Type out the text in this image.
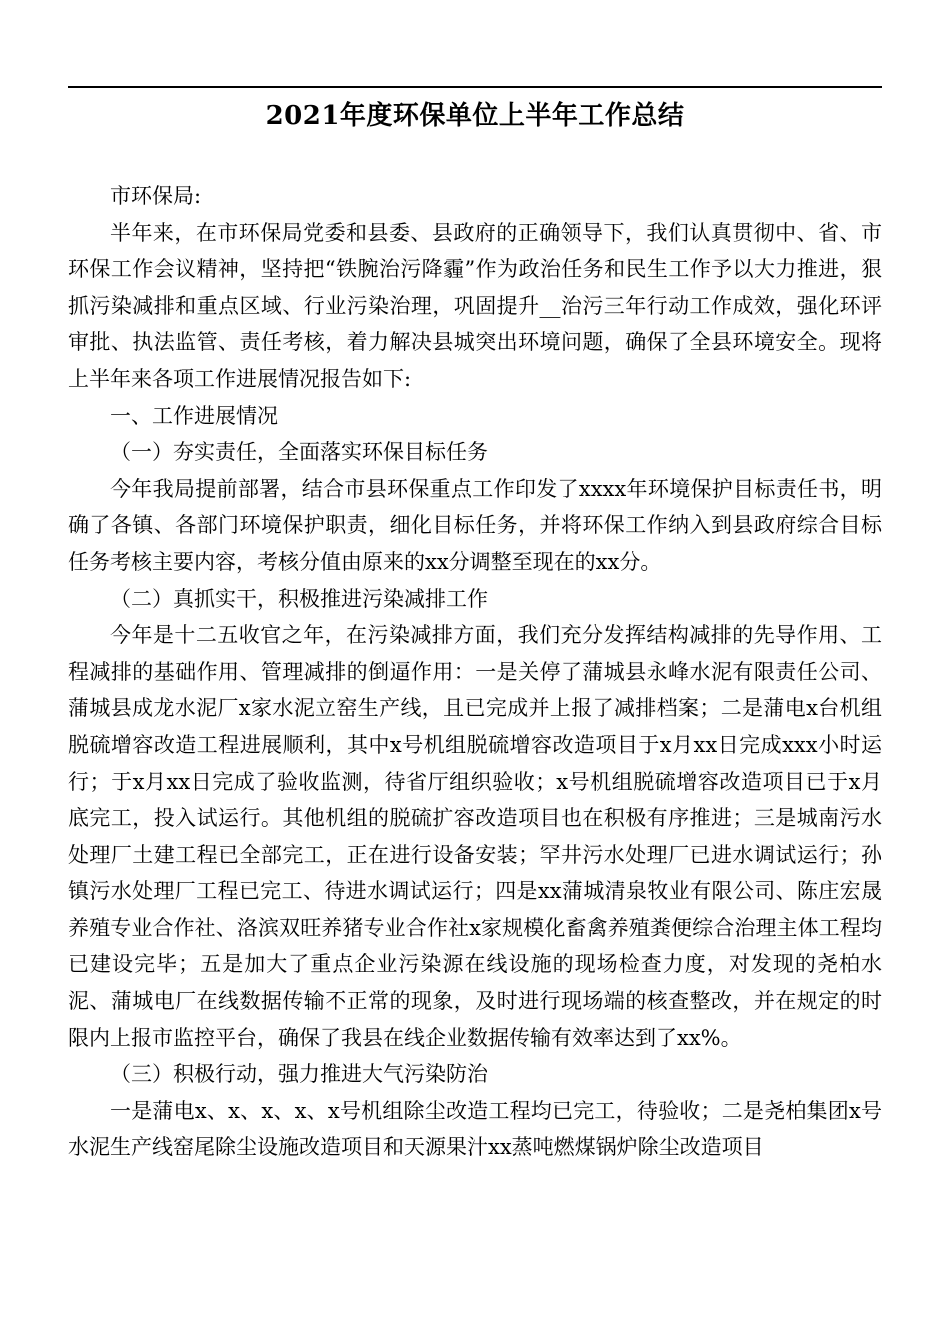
2021年度环保单位上半年工作总结

市环保局:

半年来，在市环保局党委和县委、县政府的正确领导下，我们认真贯彻中、省、市环保工作会议精神，坚持把“铁腕治污降霾”作为政治任务和民生工作予以大力推进，狠抓污染减排和重点区域、行业污染治理，巩固提升__治污三年行动工作成效，强化环评审批、执法监管、责任考核，着力解决县城突出环境问题，确保了全县环境安全。现将上半年来各项工作进展情况报告如下:

一、工作进展情况

（一）夯实责任，全面落实环保目标任务

今年我局提前部署，结合市县环保重点工作印发了xxxx年环境保护目标责任书，明确了各镇、各部门环境保护职责，细化目标任务，并将环保工作纳入到县政府综合目标任务考核主要内容，考核分值由原来的xx分调整至现在的xx分。

（二）真抓实干，积极推进污染减排工作

今年是十二五收官之年，在污染减排方面，我们充分发挥结构减排的先导作用、工程减排的基础作用、管理减排的倒逼作用：一是关停了蒲城县永峰水泥有限责任公司、蒲城县成龙水泥厂x家水泥立窑生产线，且已完成并上报了减排档案；二是蒲电x台机组脱硫增容改造工程进展顺利，其中x号机组脱硫增容改造项目于x月xx日完成xxx小时运行；于x月xx日完成了验收监测，待省厅组织验收；x号机组脱硫增容改造项目已于x月底完工，投入试运行。其他机组的脱硫扩容改造项目也在积极有序推进；三是城南污水处理厂土建工程已全部完工，正在进行设备安装；罕井污水处理厂已进水调试运行；孙镇污水处理厂工程已完工、待进水调试运行；四是xx蒲城清泉牧业有限公司、陈庄宏晟养殖专业合作社、洛滨双旺养猪专业合作社x家规模化畜禽养殖粪便综合治理主体工程均已建设完毕；五是加大了重点企业污染源在线设施的现场检查力度，对发现的尧柏水泥、蒲城电厂在线数据传输不正常的现象，及时进行现场端的核查整改，并在规定的时限内上报市监控平台，确保了我县在线企业数据传输有效率达到了xx%。

（三）积极行动，强力推进大气污染防治

一是蒲电x、x、x、x、x号机组除尘改造工程均已完工，待验收；二是尧柏集团x号水泥生产线窑尾除尘设施改造项目和天源果汁xx蒸吨燃煤锅炉除尘改造项目
